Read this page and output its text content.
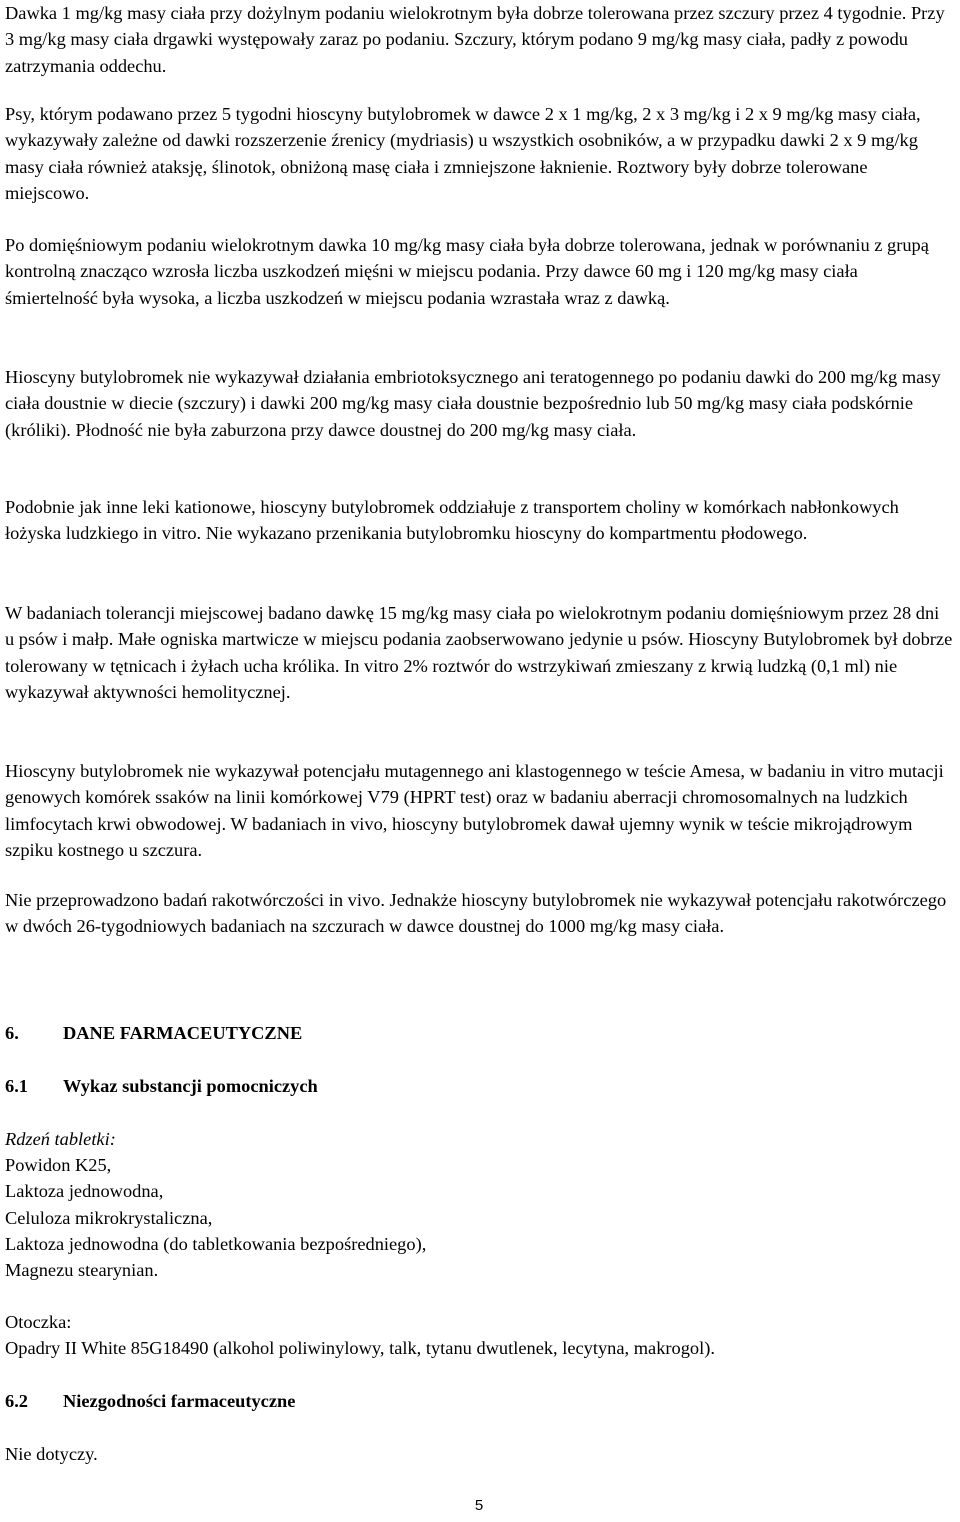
Dawka 1 mg/kg masy ciała przy dożylnym podaniu wielokrotnym była dobrze tolerowana przez szczury przez 4 tygodnie. Przy 3 mg/kg masy ciała drgawki występowały zaraz po podaniu. Szczury, którym podano 9 mg/kg masy ciała, padły z powodu zatrzymania oddechu.

Psy, którym podawano przez 5 tygodni hioscyny butylobromek w dawce 2 x 1 mg/kg, 2 x 3 mg/kg i 2 x 9 mg/kg masy ciała, wykazywały zależne od dawki rozszerzenie źrenicy (mydriasis) u wszystkich osobników, a w przypadku dawki 2 x 9 mg/kg masy ciała również ataksję, ślinotok, obniżoną masę ciała i zmniejszone łaknienie. Roztwory były dobrze tolerowane miejscowo.

Po domięśniowym podaniu wielokrotnym dawka 10 mg/kg masy ciała była dobrze tolerowana, jednak w porównaniu z grupą kontrolną znacząco wzrosła liczba uszkodzeń mięśni w miejscu podania. Przy dawce 60 mg i 120 mg/kg masy ciała śmiertelność była wysoka, a liczba uszkodzeń w miejscu podania wzrastała wraz z dawką.

Hioscyny butylobromek nie wykazywał działania embriotoksycznego ani teratogennego po podaniu dawki do 200 mg/kg masy ciała doustnie w diecie (szczury) i dawki 200 mg/kg masy ciała doustnie bezpośrednio lub 50 mg/kg masy ciała podskórnie (króliki). Płodność nie była zaburzona przy dawce doustnej do 200 mg/kg masy ciała.

Podobnie jak inne leki kationowe, hioscyny butylobromek oddziałuje z transportem choliny w komórkach nabłonkowych łożyska ludzkiego in vitro. Nie wykazano przenikania butylobromku hioscyny do kompartmentu płodowego.

W badaniach tolerancji miejscowej badano dawkę 15 mg/kg masy ciała po wielokrotnym podaniu domięśniowym przez 28 dni u psów i małp. Małe ogniska martwicze w miejscu podania zaobserwowano jedynie u psów. Hioscyny Butylobromek był dobrze tolerowany w tętnicach i żyłach ucha królika. In vitro 2% roztwór do wstrzykiwań zmieszany z krwią ludzką (0,1 ml) nie wykazywał aktywności hemolitycznej.

Hioscyny butylobromek nie wykazywał potencjału mutagennego ani klastogennego w teście Amesa, w badaniu in vitro mutacji genowych komórek ssaków na linii komórkowej V79 (HPRT test) oraz w badaniu aberracji chromosomalnych na ludzkich limfocytach krwi obwodowej. W badaniach in vivo, hioscyny butylobromek dawał ujemny wynik w teście mikrojądrowym szpiku kostnego u szczura.

Nie przeprowadzono badań rakotwórczości in vivo. Jednakże hioscyny butylobromek nie wykazywał potencjału rakotwórczego w dwóch 26-tygodniowych badaniach na szczurach w dawce doustnej do 1000 mg/kg masy ciała.

6. DANE FARMACEUTYCZNE
6.1 Wykaz substancji pomocniczych

Rdzeń tabletki:

Powidon K25,
Laktoza jednowodna,
Celuloza mikrokrystaliczna,
Laktoza jednowodna (do tabletkowania bezpośredniego),
Magnezu stearynian.

Otoczka:

Opadry II White 85G18490 (alkohol poliwinylowy, talk, tytanu dwutlenek, lecytyna, makrogol).

6.2 Niezgodności farmaceutyczne

Nie dotyczy.

5
